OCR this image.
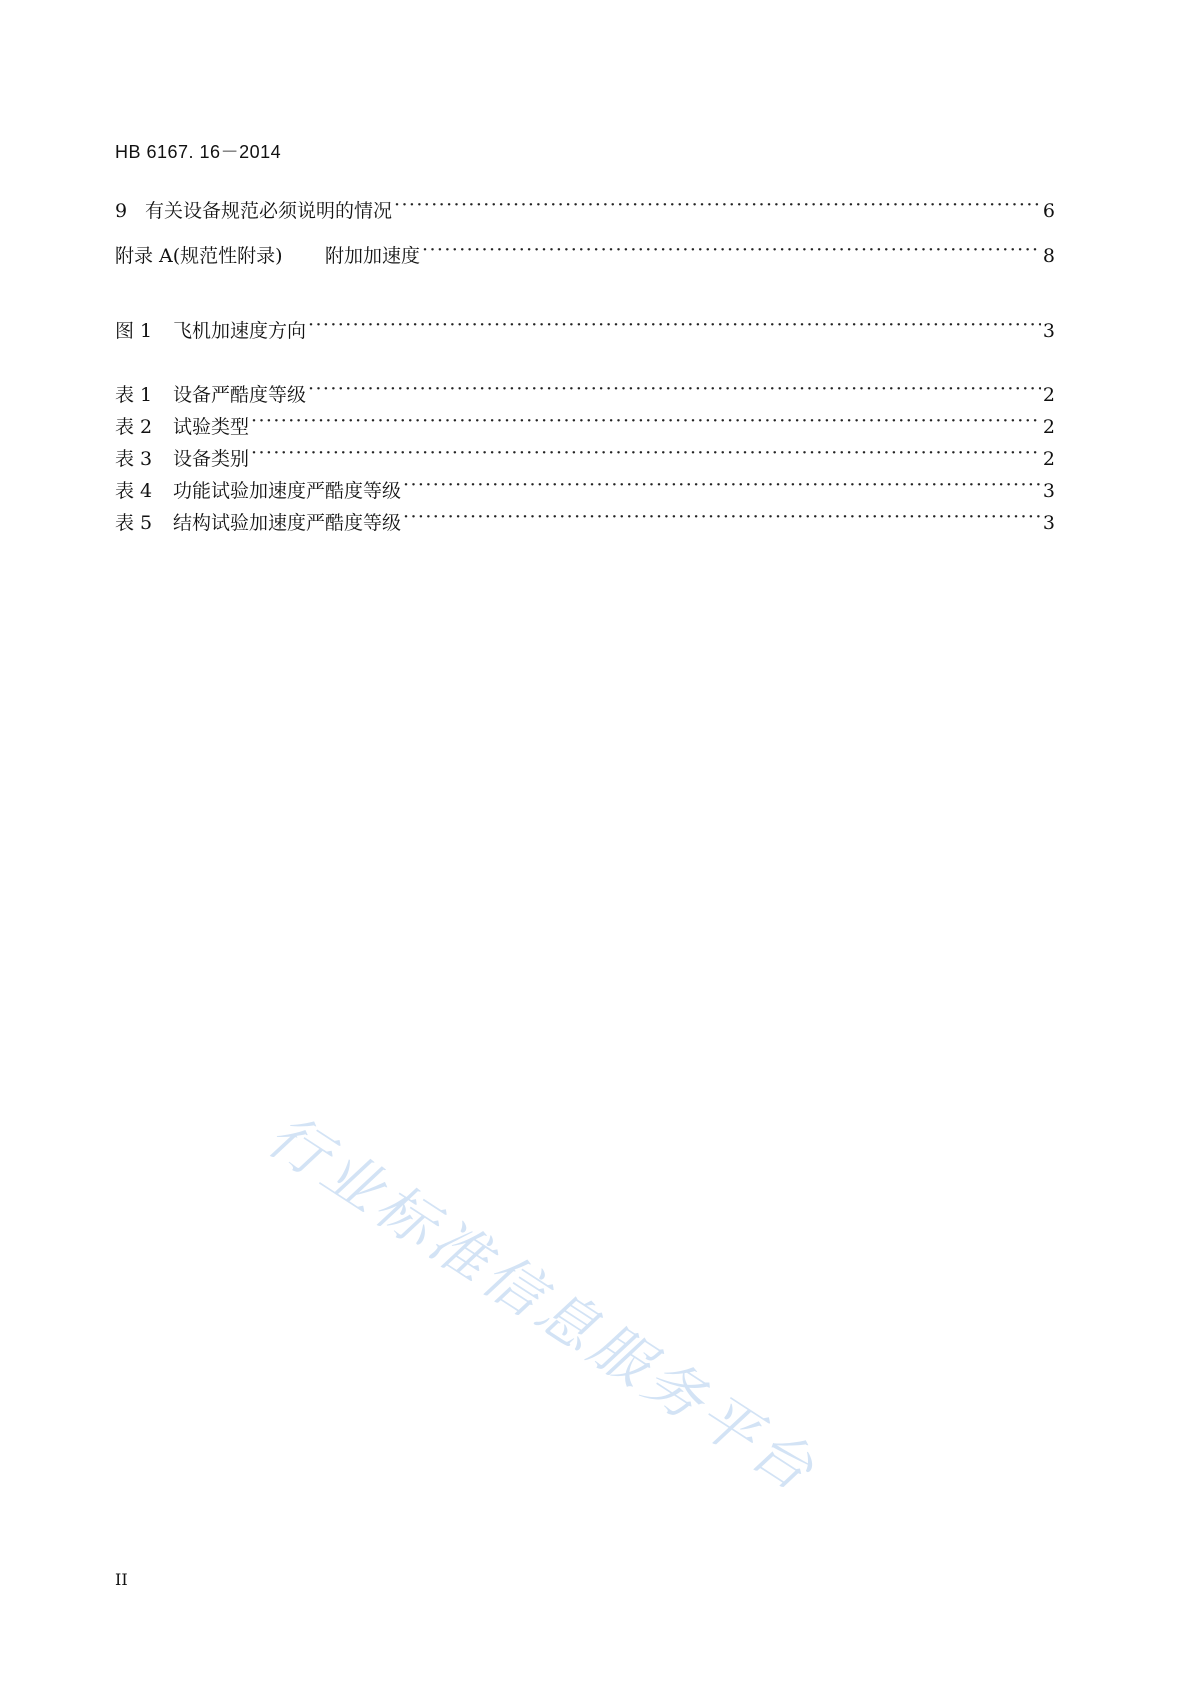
HB 6167. 16－2014
9 有关设备规范必须说明的情况 ·····	6
附录 A(规范性附录)	附加加速度 ·····	8
图 1	飞机加速度方向 ·····	3
表 1	设备严酷度等级 ·····	2
表 2	试验类型 ·····	2
表 3	设备类别 ·····	2
表 4	功能试验加速度严酷度等级 ·····	3
表 5	结构试验加速度严酷度等级 ·····	3
行业标准信息服务平台
II
